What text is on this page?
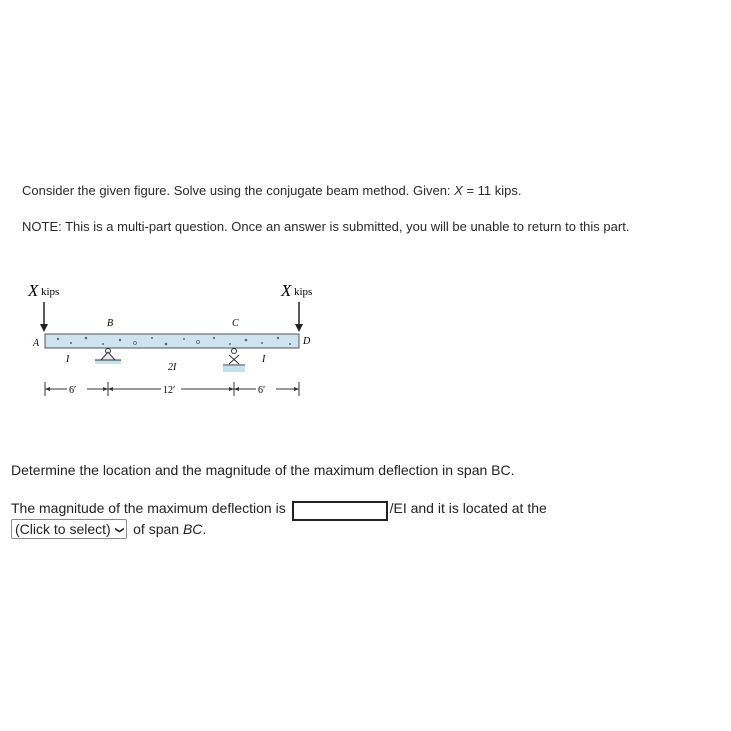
Consider the given figure. Solve using the conjugate beam method. Given: X = 11 kips.

NOTE: This is a multi-part question. Once an answer is submitted, you will be unable to return to this part.

X kips	X kips
A
B	C
D
I
2I
I
6′	12′	6′
Determine the location and the magnitude of the maximum deflection in span BC.
The magnitude of the maximum deflection is	/EI and it is located at the
(Click to select) ❯ of span BC.
